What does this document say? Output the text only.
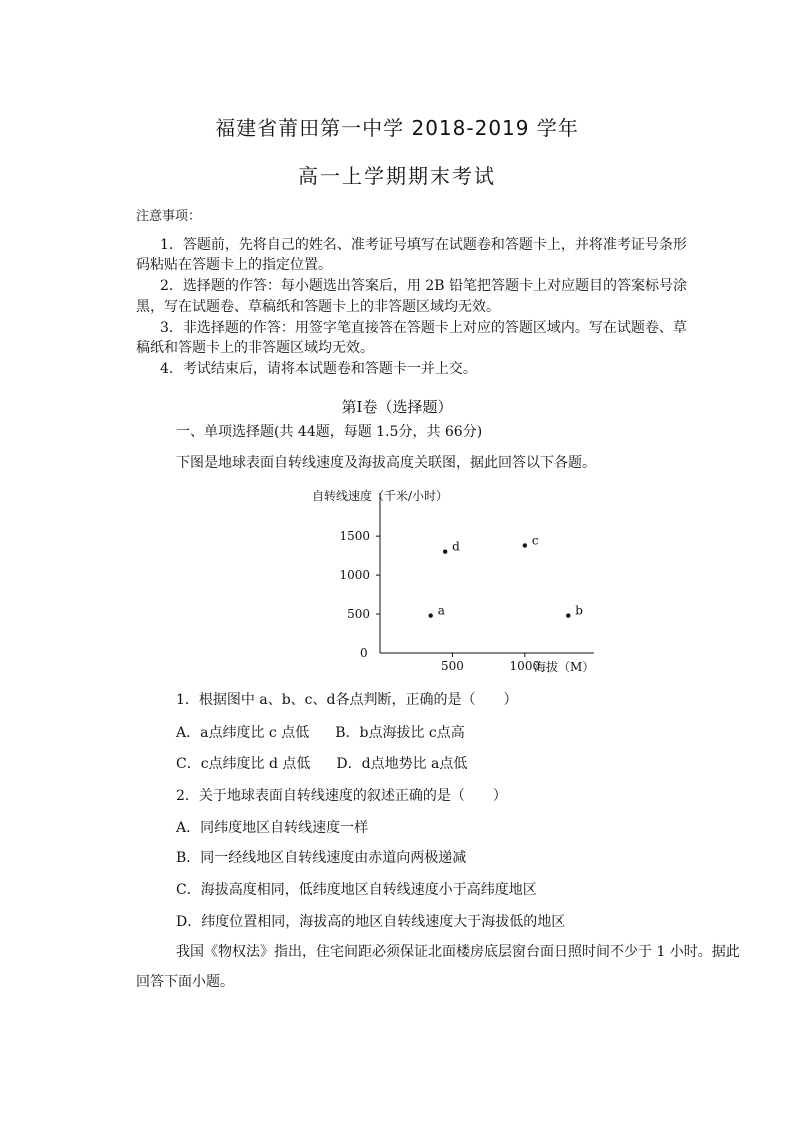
福建省莆田第一中学 2018-2019 学年
高一上学期期末考试
注意事项：
1．答题前，先将自己的姓名、准考证号填写在试题卷和答题卡上，并将准考证号条形
码粘贴在答题卡上的指定位置。
2．选择题的作答：每小题选出答案后，用 2B 铅笔把答题卡上对应题目的答案标号涂
黑，写在试题卷、草稿纸和答题卡上的非答题区域均无效。
3．非选择题的作答：用签字笔直接答在答题卡上对应的答题区域内。写在试题卷、草
稿纸和答题卡上的非答题区域均无效。
4．考试结束后，请将本试题卷和答题卡一并上交。
第Ⅰ卷（选择题）
一、单项选择题(共 44题，每题 1.5分，共 66分)
下图是地球表面自转线速度及海拔高度关联图，据此回答以下各题。
自转线速度（千米/小时）
海拔（M）
0
500
1000
1500
500	1000
a	b
c
d
1．根据图中 a、b、c、d各点判断，正确的是（　　）
A．a点纬度比 c 点低 B．b点海拔比 c点高
C．c点纬度比 d 点低 D．d点地势比 a点低
2．关于地球表面自转线速度的叙述正确的是（　　）
A．同纬度地区自转线速度一样
B．同一经线地区自转线速度由赤道向两极递减
C．海拔高度相同，低纬度地区自转线速度小于高纬度地区
D．纬度位置相同，海拔高的地区自转线速度大于海拔低的地区
我国《物权法》指出，住宅间距必须保证北面楼房底层窗台面日照时间不少于 1 小时。据此
回答下面小题。
